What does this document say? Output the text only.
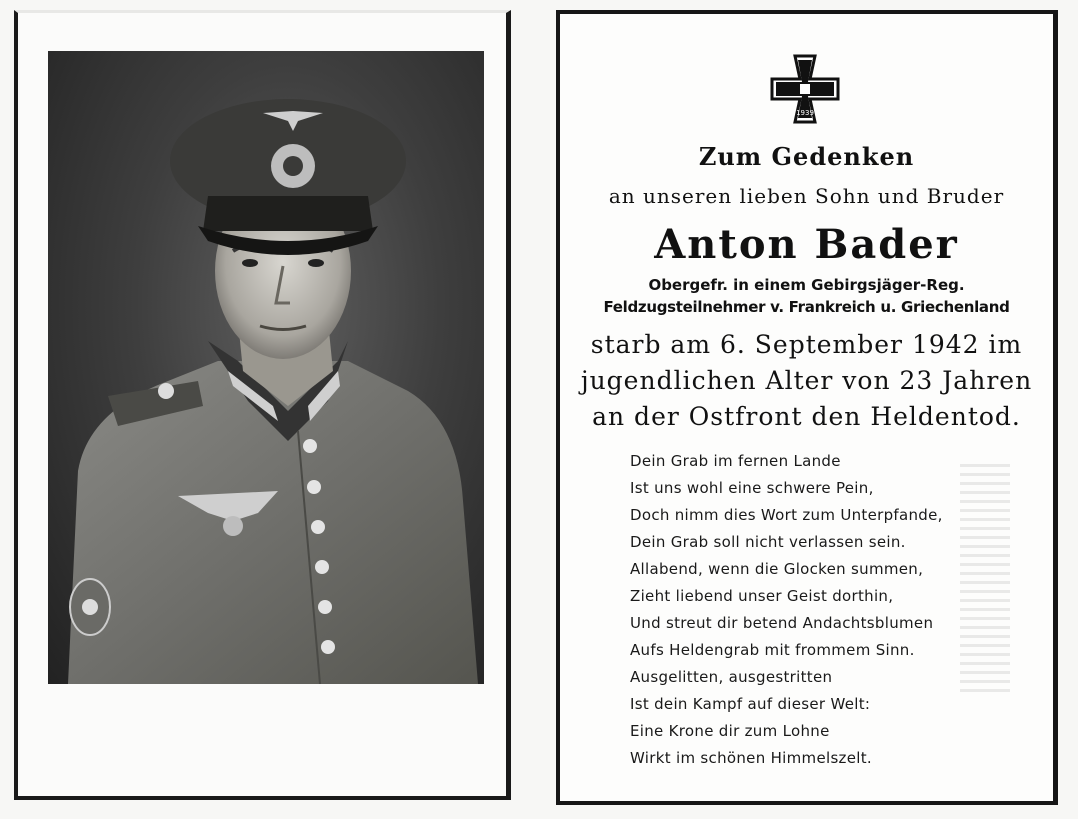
1939
Zum Gedenken
an unseren lieben Sohn und Bruder
Anton Bader
Obergefr. in einem Gebirgsjäger-Reg.
Feldzugsteilnehmer v. Frankreich u. Griechenland
starb am 6. September 1942 im
jugendlichen Alter von 23 Jahren
an der Ostfront den Heldentod.
Dein Grab im fernen Lande
Ist uns wohl eine schwere Pein,
Doch nimm dies Wort zum Unterpfande,
Dein Grab soll nicht verlassen sein.
Allabend, wenn die Glocken summen,
Zieht liebend unser Geist dorthin,
Und streut dir betend Andachtsblumen
Aufs Heldengrab mit frommem Sinn.
Ausgelitten, ausgestritten
Ist dein Kampf auf dieser Welt:
Eine Krone dir zum Lohne
Wirkt im schönen Himmelszelt.
